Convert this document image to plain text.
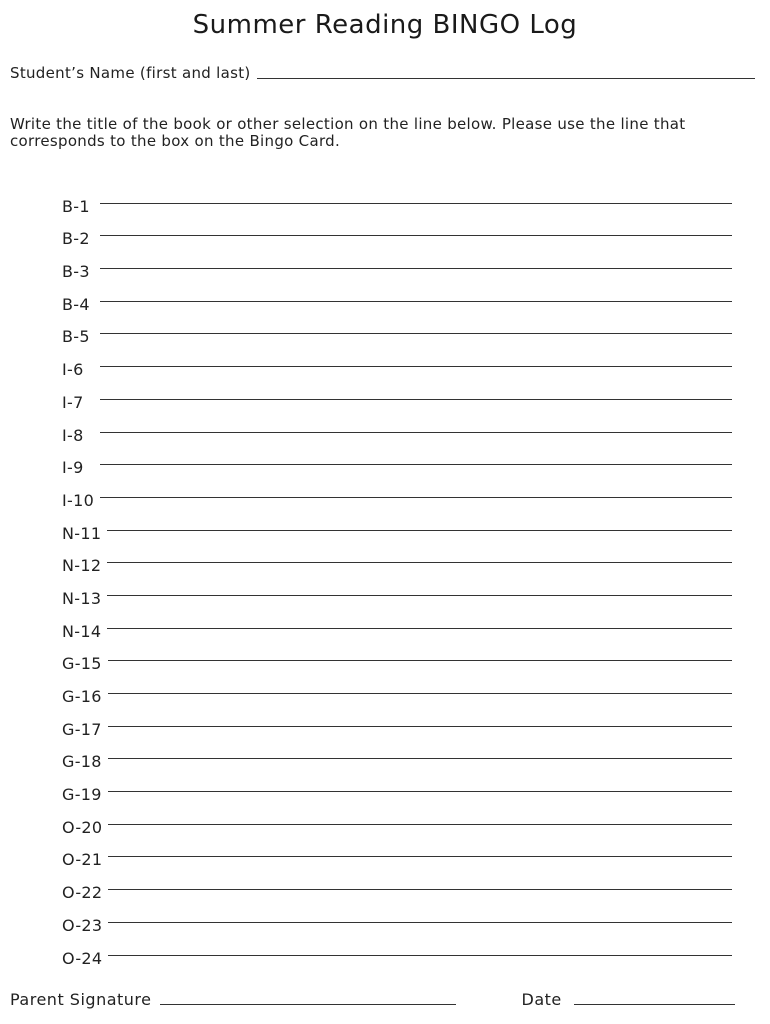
Summer Reading BINGO Log
Student’s Name (first and last)
Write the title of the book or other selection on the line below. Please use the line that corresponds to the box on the Bingo Card.
B-1
B-2
B-3
B-4
B-5
I-6
I-7
I-8
I-9
I-10
N-11
N-12
N-13
N-14
G-15
G-16
G-17
G-18
G-19
O-20
O-21
O-22
O-23
O-24
Parent Signature	Date
